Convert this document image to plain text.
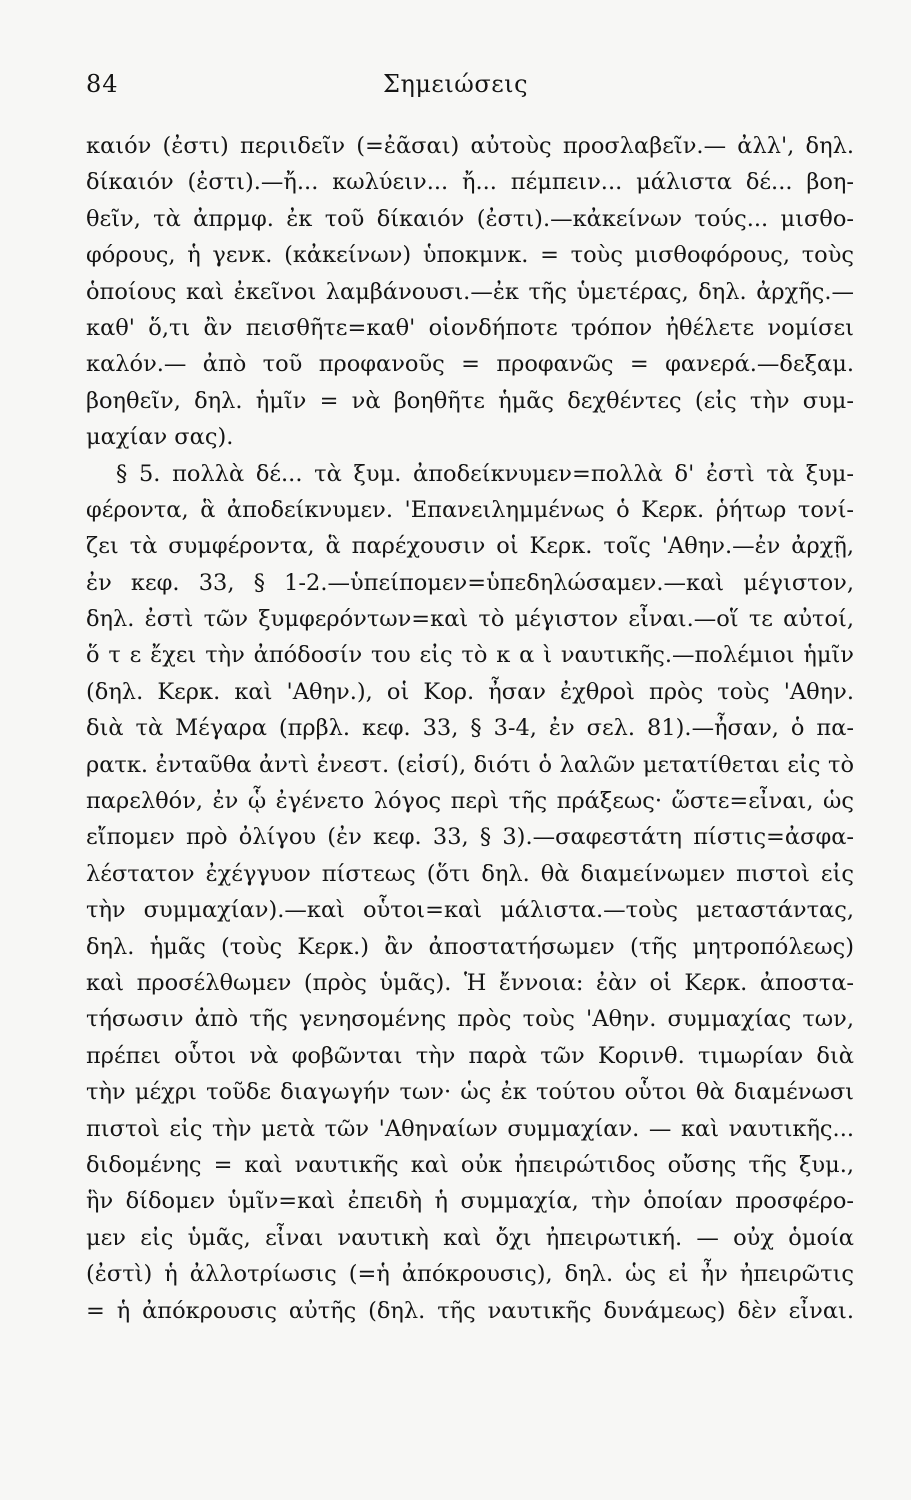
84	Σημειώσεις
καιόν (ἐστι) περιιδεῖν (=ἐᾶσαι) αὐτοὺς προσλαβεῖν.— ἀλλ', δηλ.
δίκαιόν (ἐστι).—ἤ... κωλύειν... ἤ... πέμπειν... μάλιστα δέ... βοη-
θεῖν, τὰ ἀπρμφ. ἐκ τοῦ δίκαιόν (ἐστι).—κἀκείνων τούς... μισθο-
φόρους, ἡ γενκ. (κἀκείνων) ὑποκμνκ. = τοὺς μισθοφόρους, τοὺς
ὁποίους καὶ ἐκεῖνοι λαμβάνουσι.—ἐκ τῆς ὑμετέρας, δηλ. ἀρχῆς.—
καθ' ὅ,τι ἂν πεισθῆτε=καθ' οἱονδήποτε τρόπον ἠθέλετε νομίσει
καλόν.— ἀπὸ τοῦ προφανοῦς = προφανῶς = φανερά.—δεξαμ.
βοηθεῖν, δηλ. ἡμῖν = νὰ βοηθῆτε ἡμᾶς δεχθέντες (εἰς τὴν συμ-
μαχίαν σας).
§ 5. πολλὰ δέ... τὰ ξυμ. ἀποδείκνυμεν=πολλὰ δ' ἐστὶ τὰ ξυμ-
φέροντα, ἃ ἀποδείκνυμεν. 'Επανειλημμένως ὁ Κερκ. ῥήτωρ τονί-
ζει τὰ συμφέροντα, ἃ παρέχουσιν οἱ Κερκ. τοῖς 'Αθην.—ἐν ἀρχῇ,
ἐν κεφ. 33, § 1-2.—ὑπείπομεν=ὑπεδηλώσαμεν.—καὶ μέγιστον,
δηλ. ἐστὶ τῶν ξυμφερόντων=καὶ τὸ μέγιστον εἶναι.—οἵ τε αὐτοί,
ὅ τ ε ἔχει τὴν ἀπόδοσίν του εἰς τὸ κ α ὶ ναυτικῆς.—πολέμιοι ἡμῖν
(δηλ. Κερκ. καὶ 'Αθην.), οἱ Κορ. ἦσαν ἐχθροὶ πρὸς τοὺς 'Αθην.
διὰ τὰ Μέγαρα (πρβλ. κεφ. 33, § 3-4, ἐν σελ. 81).—ἦσαν, ὁ πα-
ρατκ. ἐνταῦθα ἀντὶ ἐνεστ. (εἰσί), διότι ὁ λαλῶν μετατίθεται εἰς τὸ
παρελθόν, ἐν ᾧ ἐγένετο λόγος περὶ τῆς πράξεως· ὥστε=εἶναι, ὡς
εἴπομεν πρὸ ὀλίγου (ἐν κεφ. 33, § 3).—σαφεστάτη πίστις=ἀσφα-
λέστατον ἐχέγγυον πίστεως (ὅτι δηλ. θὰ διαμείνωμεν πιστοὶ εἰς
τὴν συμμαχίαν).—καὶ οὗτοι=καὶ μάλιστα.—τοὺς μεταστάντας,
δηλ. ἡμᾶς (τοὺς Κερκ.) ἂν ἀποστατήσωμεν (τῆς μητροπόλεως)
καὶ προσέλθωμεν (πρὸς ὑμᾶς). Ἡ ἔννοια: ἐὰν οἱ Κερκ. ἀποστα-
τήσωσιν ἀπὸ τῆς γενησομένης πρὸς τοὺς 'Αθην. συμμαχίας των,
πρέπει οὗτοι νὰ φοβῶνται τὴν παρὰ τῶν Κορινθ. τιμωρίαν διὰ
τὴν μέχρι τοῦδε διαγωγήν των· ὡς ἐκ τούτου οὗτοι θὰ διαμένωσι
πιστοὶ εἰς τὴν μετὰ τῶν 'Αθηναίων συμμαχίαν. — καὶ ναυτικῆς...
διδομένης = καὶ ναυτικῆς καὶ οὐκ ἠπειρώτιδος οὔσης τῆς ξυμ.,
ἣν δίδομεν ὑμῖν=καὶ ἐπειδὴ ἡ συμμαχία, τὴν ὁποίαν προσφέρο-
μεν εἰς ὑμᾶς, εἶναι ναυτικὴ καὶ ὄχι ἠπειρωτική. — οὐχ ὁμοία
(ἐστὶ) ἡ ἀλλοτρίωσις (=ἡ ἀπόκρουσις), δηλ. ὡς εἰ ἦν ἠπειρῶτις
= ἡ ἀπόκρουσις αὐτῆς (δηλ. τῆς ναυτικῆς δυνάμεως) δὲν εἶναι.
